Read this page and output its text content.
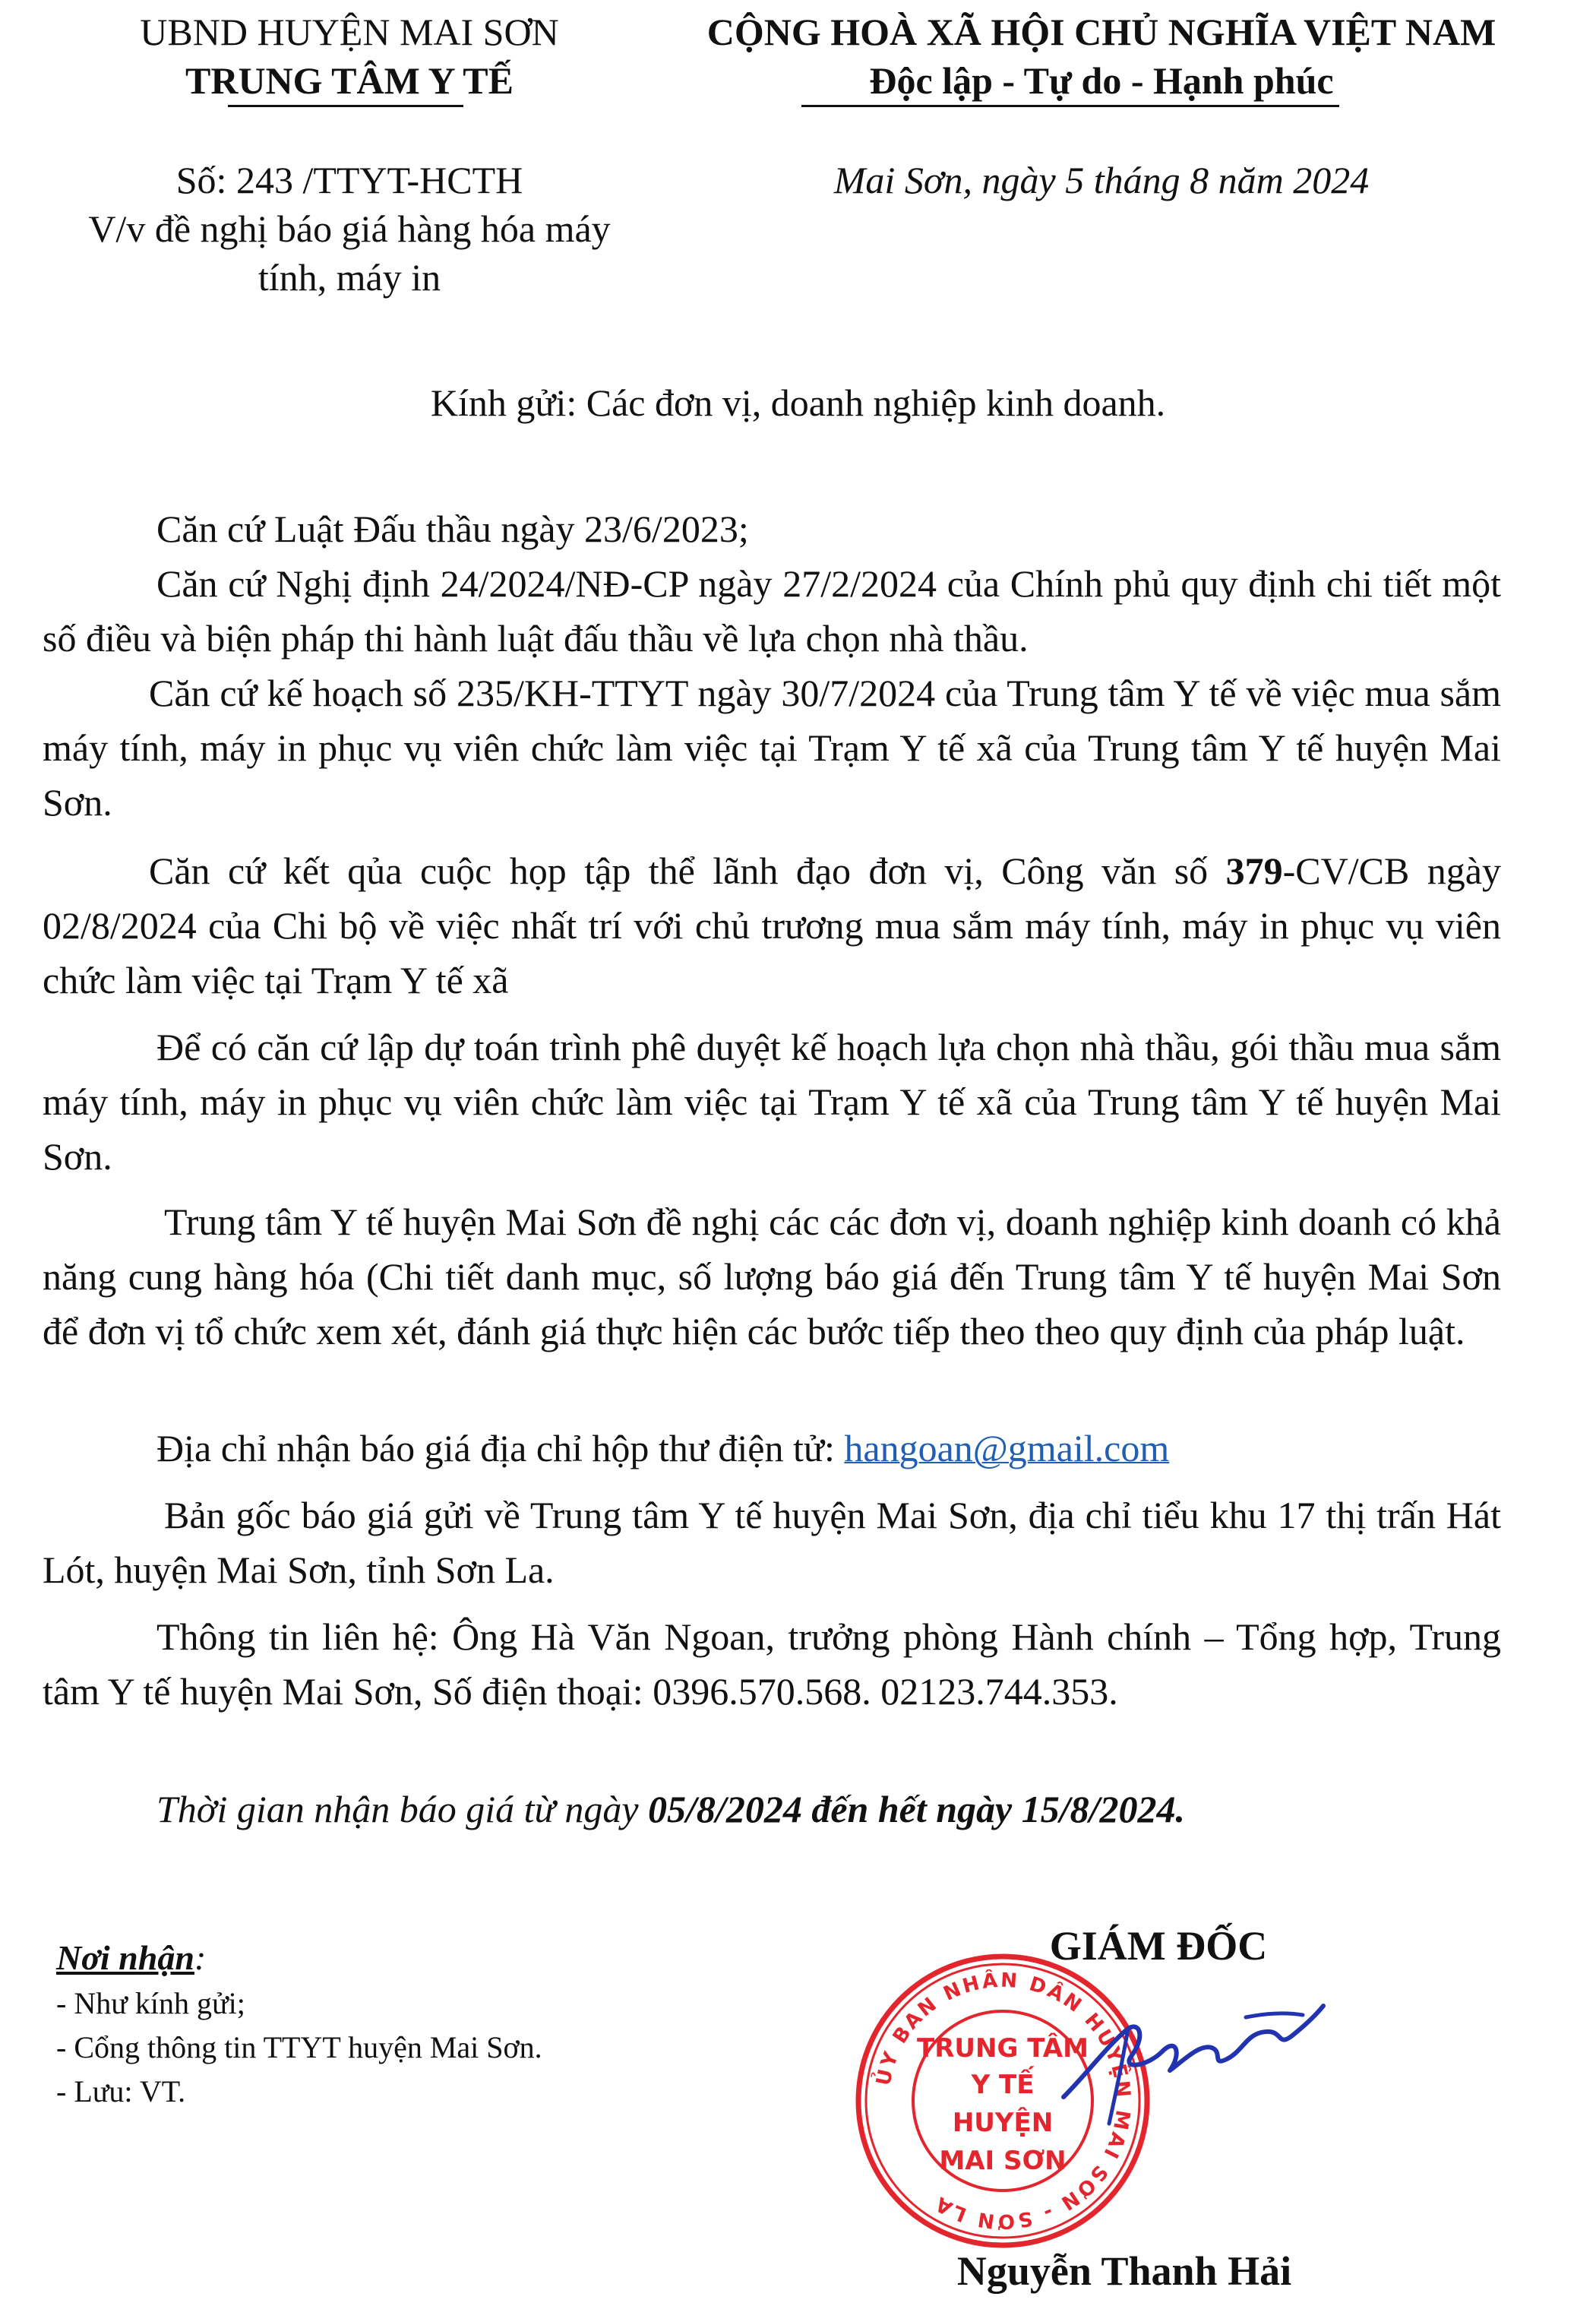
UBND HUYỆN MAI SƠN
TRUNG TÂM Y TẾ
Số: 243 /TTYT-HCTH
V/v đề nghị báo giá hàng hóa máy
tính, máy in
CỘNG HOÀ XÃ HỘI CHỦ NGHĨA VIỆT NAM
Độc lập - Tự do - Hạnh phúc
Mai Sơn, ngày 5 tháng 8 năm 2024
Kính gửi: Các đơn vị, doanh nghiệp kinh doanh.

Căn cứ Luật Đấu thầu ngày 23/6/2023;

Căn cứ Nghị định 24/2024/NĐ-CP ngày 27/2/2024 của Chính phủ quy định chi tiết một số điều và biện pháp thi hành luật đấu thầu về lựa chọn nhà thầu.

Căn cứ kế hoạch số 235/KH-TTYT ngày 30/7/2024 của Trung tâm Y tế về việc mua sắm máy tính, máy in phục vụ viên chức làm việc tại Trạm Y tế xã của Trung tâm Y tế huyện Mai Sơn.

Căn cứ kết qủa cuộc họp tập thể lãnh đạo đơn vị, Công văn số 379-CV/CB ngày 02/8/2024 của Chi bộ về việc nhất trí với chủ trương mua sắm máy tính, máy in phục vụ viên chức làm việc tại Trạm Y tế xã

Để có căn cứ lập dự toán trình phê duyệt kế hoạch lựa chọn nhà thầu, gói thầu mua sắm máy tính, máy in phục vụ viên chức làm việc tại Trạm Y tế xã của Trung tâm Y tế huyện Mai Sơn.

Trung tâm Y tế huyện Mai Sơn đề nghị các các đơn vị, doanh nghiệp kinh doanh có khả năng cung hàng hóa (Chi tiết danh mục, số lượng báo giá đến Trung tâm Y tế huyện Mai Sơn để đơn vị tổ chức xem xét, đánh giá thực hiện các bước tiếp theo theo quy định của pháp luật.

Địa chỉ nhận báo giá địa chỉ hộp thư điện tử: hangoan@gmail.com

Bản gốc báo giá gửi về Trung tâm Y tế huyện Mai Sơn, địa chỉ tiểu khu 17 thị trấn Hát Lót, huyện Mai Sơn, tỉnh Sơn La.

Thông tin liên hệ: Ông Hà Văn Ngoan, trưởng phòng Hành chính – Tổng hợp, Trung tâm Y tế huyện Mai Sơn, Số điện thoại: 0396.570.568. 02123.744.353.

Thời gian nhận báo giá từ ngày 05/8/2024 đến hết ngày 15/8/2024.

Nơi nhận:
- Như kính gửi;
- Cổng thông tin TTYT huyện Mai Sơn.
- Lưu: VT.
GIÁM ĐỐC
ỦY BAN NHÂN DÂN HUYỆN MAI SƠN - SƠN LA
TRUNG TÂM
Y TẾ
HUYỆN
MAI SƠN
Nguyễn Thanh Hải
